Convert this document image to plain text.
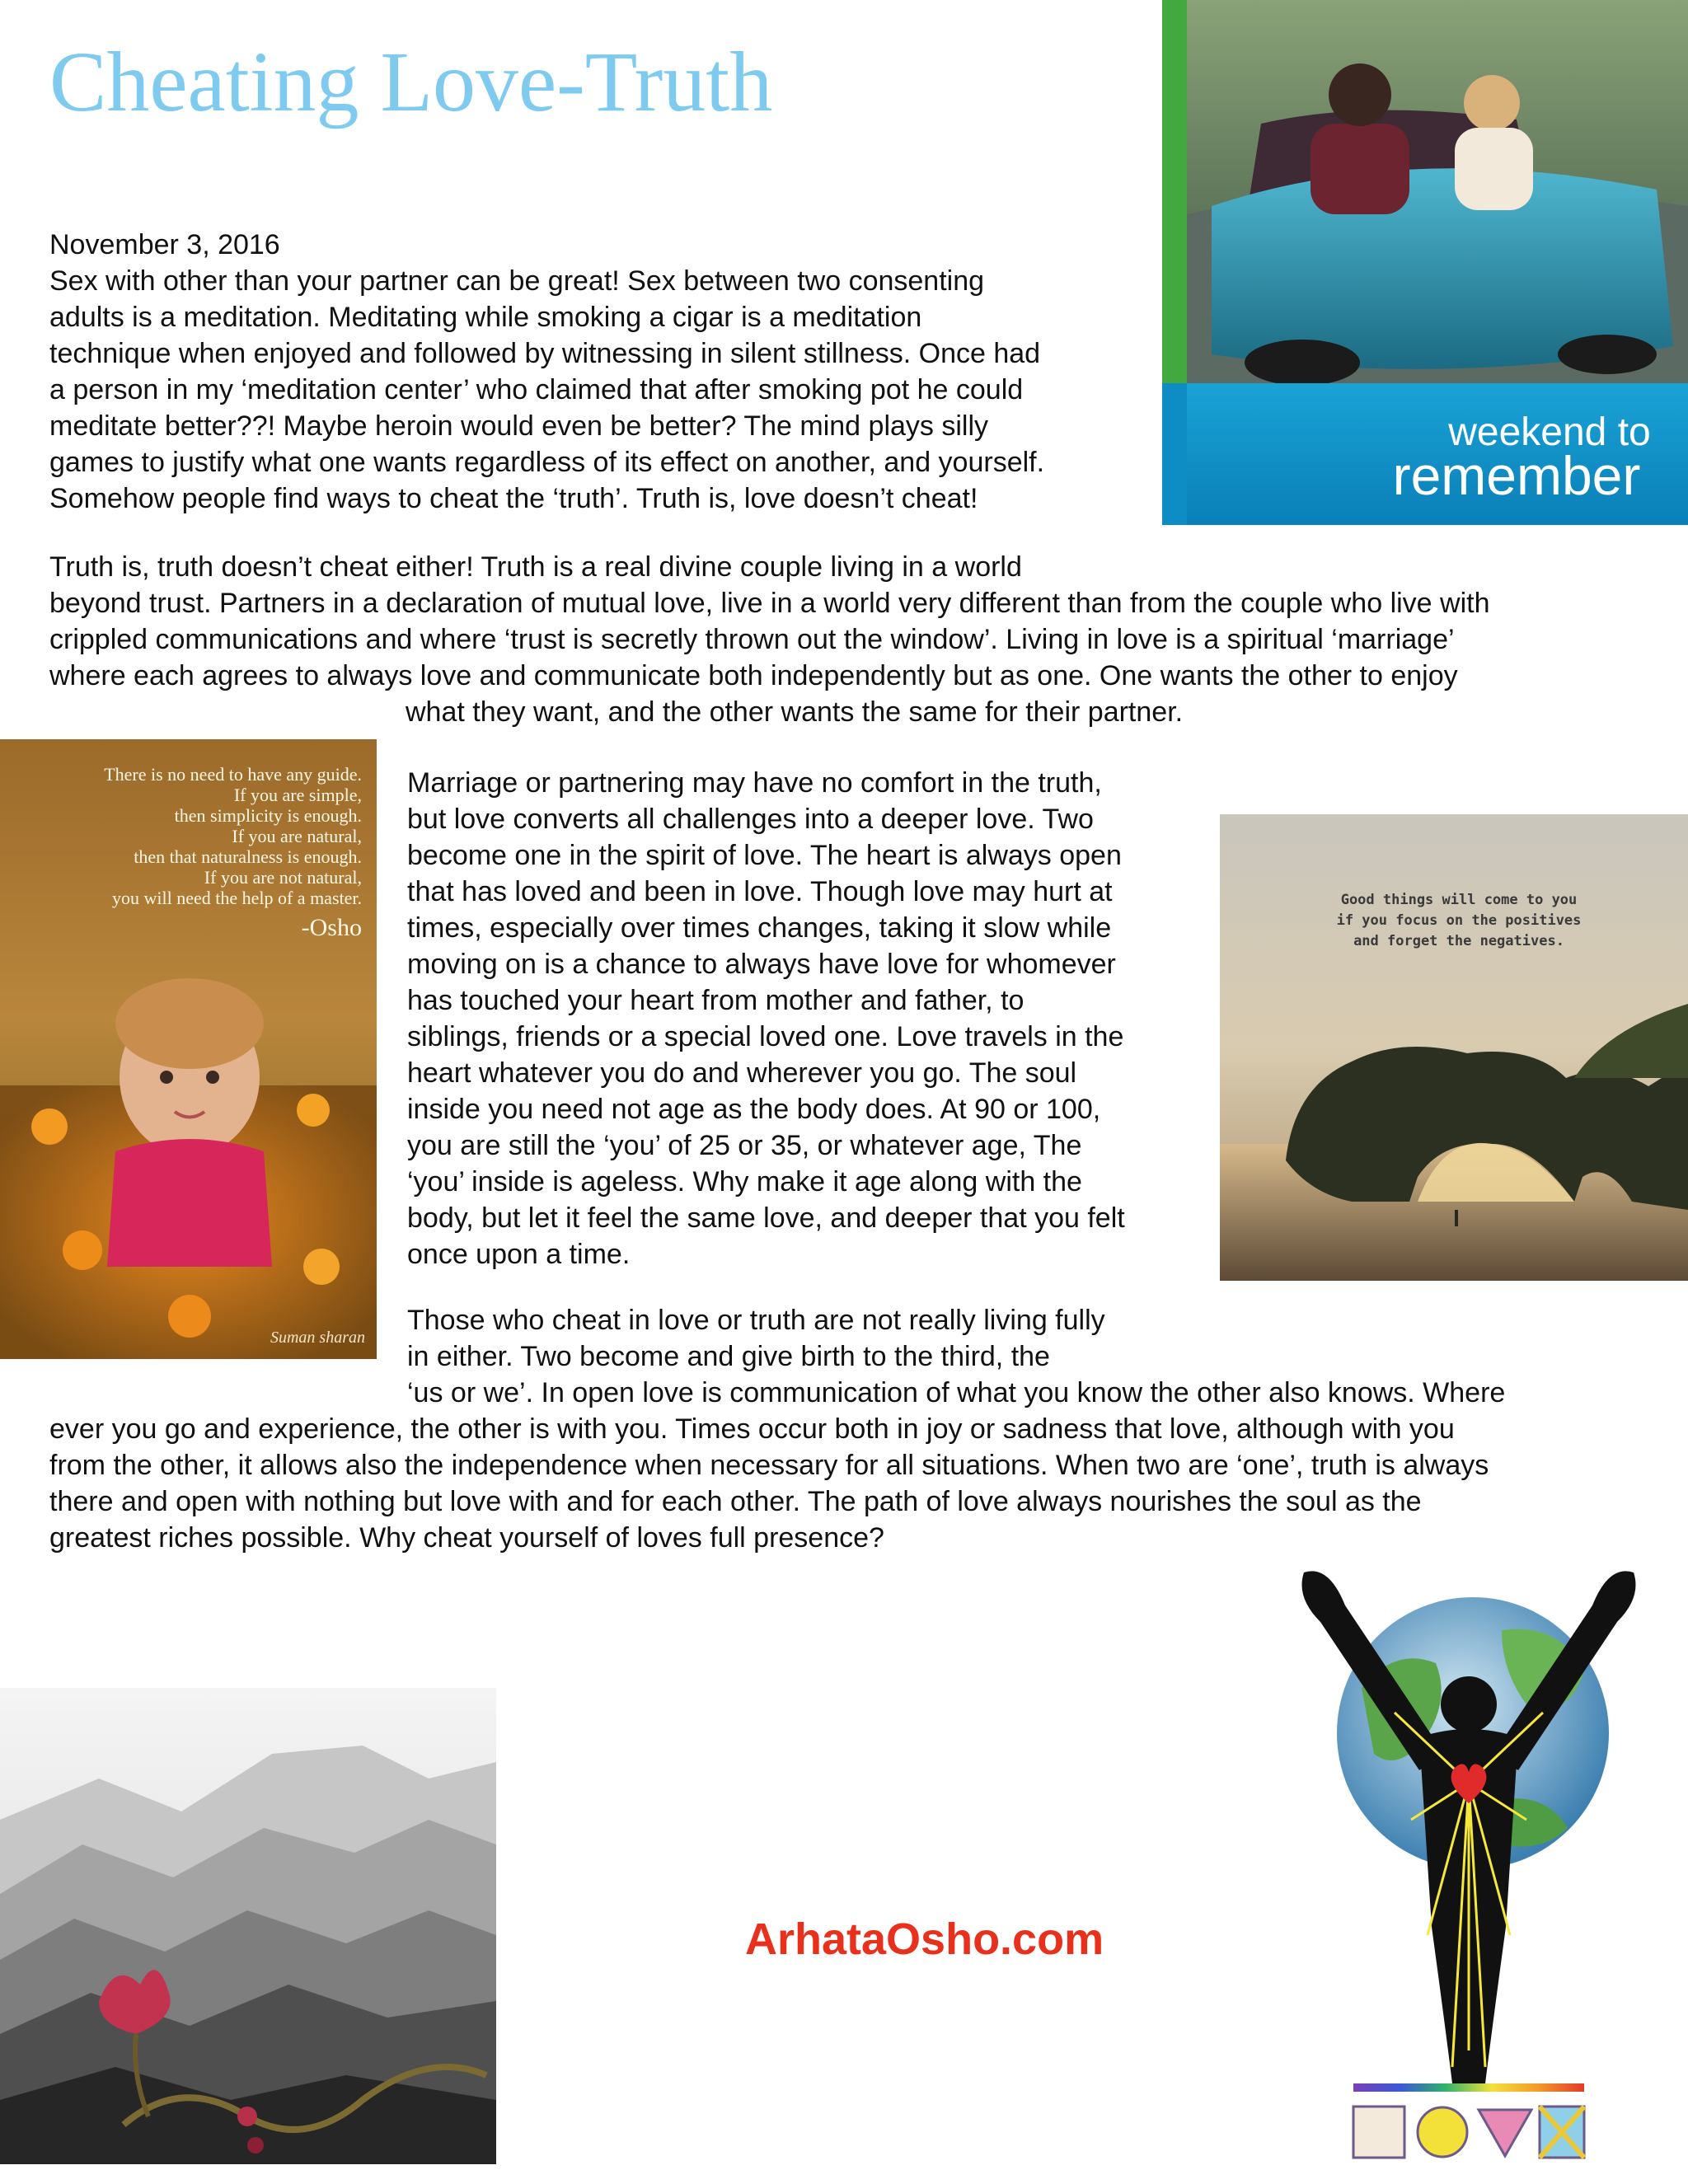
Cheating Love-Truth
weekend to
remember
November 3, 2016
Sex with other than your partner can be great! Sex between two consenting
adults is a meditation. Meditating while smoking a cigar is a meditation
technique when enjoyed and followed by witnessing in silent stillness. Once had
a person in my ‘meditation center’ who claimed that after smoking pot he could
meditate better??! Maybe heroin would even be better? The mind plays silly
games to justify what one wants regardless of its effect on another, and yourself.
Somehow people find ways to cheat the ‘truth’. Truth is, love doesn’t cheat!
Truth is, truth doesn’t cheat either! Truth is a real divine couple living in a world
beyond trust. Partners in a declaration of mutual love, live in a world very different than from the couple who live with
crippled communications and where ‘trust is secretly thrown out the window’. Living in love is a spiritual ‘marriage’
where each agrees to always love and communicate both independently but as one. One wants the other to enjoy
what they want, and the other wants the same for their partner.
There is no need to have any guide.
If you are simple,
then simplicity is enough.
If you are natural,
then that naturalness is enough.
If you are not natural,
you will need the help of a master.
-Osho
Suman sharan
Marriage or partnering may have no comfort in the truth,
but love converts all challenges into a deeper love. Two
become one in the spirit of love. The heart is always open
that has loved and been in love. Though love may hurt at
times, especially over times changes, taking it slow while
moving on is a chance to always have love for whomever
has touched your heart from mother and father, to
siblings, friends or a special loved one. Love travels in the
heart whatever you do and wherever you go. The soul
inside you need not age as the body does. At 90 or 100,
you are still the ‘you’ of 25 or 35, or whatever age, The
‘you’ inside is ageless. Why make it age along with the
body, but let it feel the same love, and deeper that you felt
once upon a time.
Good things will come to you
if you focus on the positives
and forget the negatives.
Those who cheat in love or truth are not really living fully
in either. Two become and give birth to the third, the
‘us or we’. In open love is communication of what you know the other also knows. Where
ever you go and experience, the other is with you. Times occur both in joy or sadness that love, although with you
from the other, it allows also the independence when necessary for all situations. When two are ‘one’, truth is always
there and open with nothing but love with and for each other. The path of love always nourishes the soul as the
greatest riches possible. Why cheat yourself of loves full presence?
ArhataOsho.com
